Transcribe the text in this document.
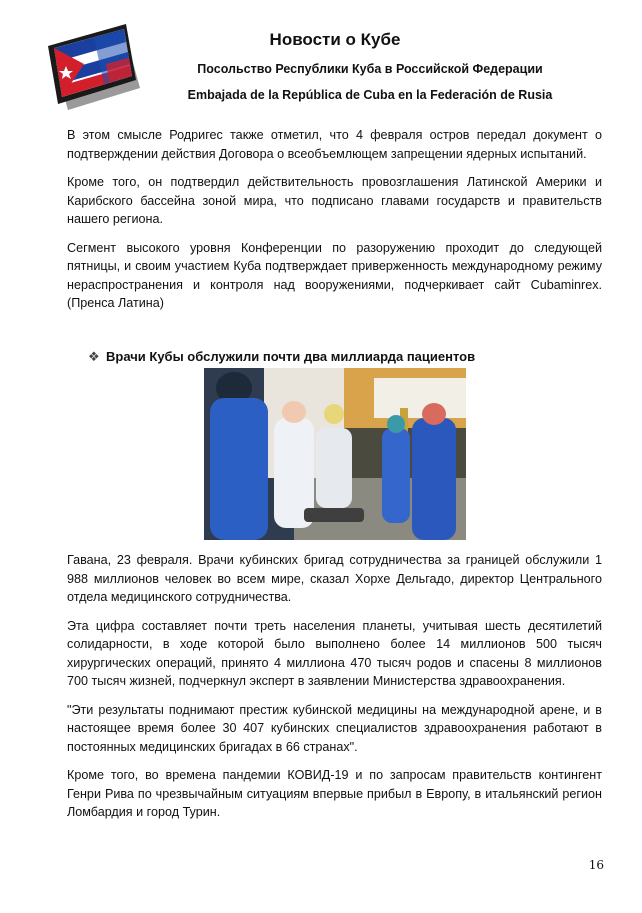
Новости о Кубе
Посольство Республики Куба в Российской Федерации
Embajada de la República de Cuba en la Federación de Rusia

В этом смысле Родригес также отметил, что 4 февраля остров передал документ о подтверждении действия Договора о всеобъемлющем запрещении ядерных испытаний.

Кроме того, он подтвердил действительность провозглашения Латинской Америки и Карибского бассейна зоной мира, что подписано главами государств и правительств нашего региона.

Сегмент высокого уровня Конференции по разоружению проходит до следующей пятницы, и своим участием Куба подтверждает приверженность международному режиму нераспространения и контроля над вооружениями, подчеркивает сайт Cubaminrex. (Пренса Латина)

❖ Врачи Кубы обслужили почти два миллиарда пациентов

Гавана, 23 февраля. Врачи кубинских бригад сотрудничества за границей обслужили 1 988 миллионов человек во всем мире, сказал Хорхе Дельгадо, директор Центрального отдела медицинского сотрудничества.

Эта цифра составляет почти треть населения планеты, учитывая шесть десятилетий солидарности, в ходе которой было выполнено более 14 миллионов 500 тысяч хирургических операций, принято 4 миллиона 470 тысяч родов и спасены 8 миллионов 700 тысяч жизней, подчеркнул эксперт в заявлении Министерства здравоохранения.

"Эти результаты поднимают престиж кубинской медицины на международной арене, и в настоящее время более 30 407 кубинских специалистов здравоохранения работают в постоянных медицинских бригадах в 66 странах".

Кроме того, во времена пандемии КОВИД-19 и по запросам правительств контингент Генри Рива по чрезвычайным ситуациям впервые прибыл в Европу, в итальянский регион Ломбардия и город Турин.

16
